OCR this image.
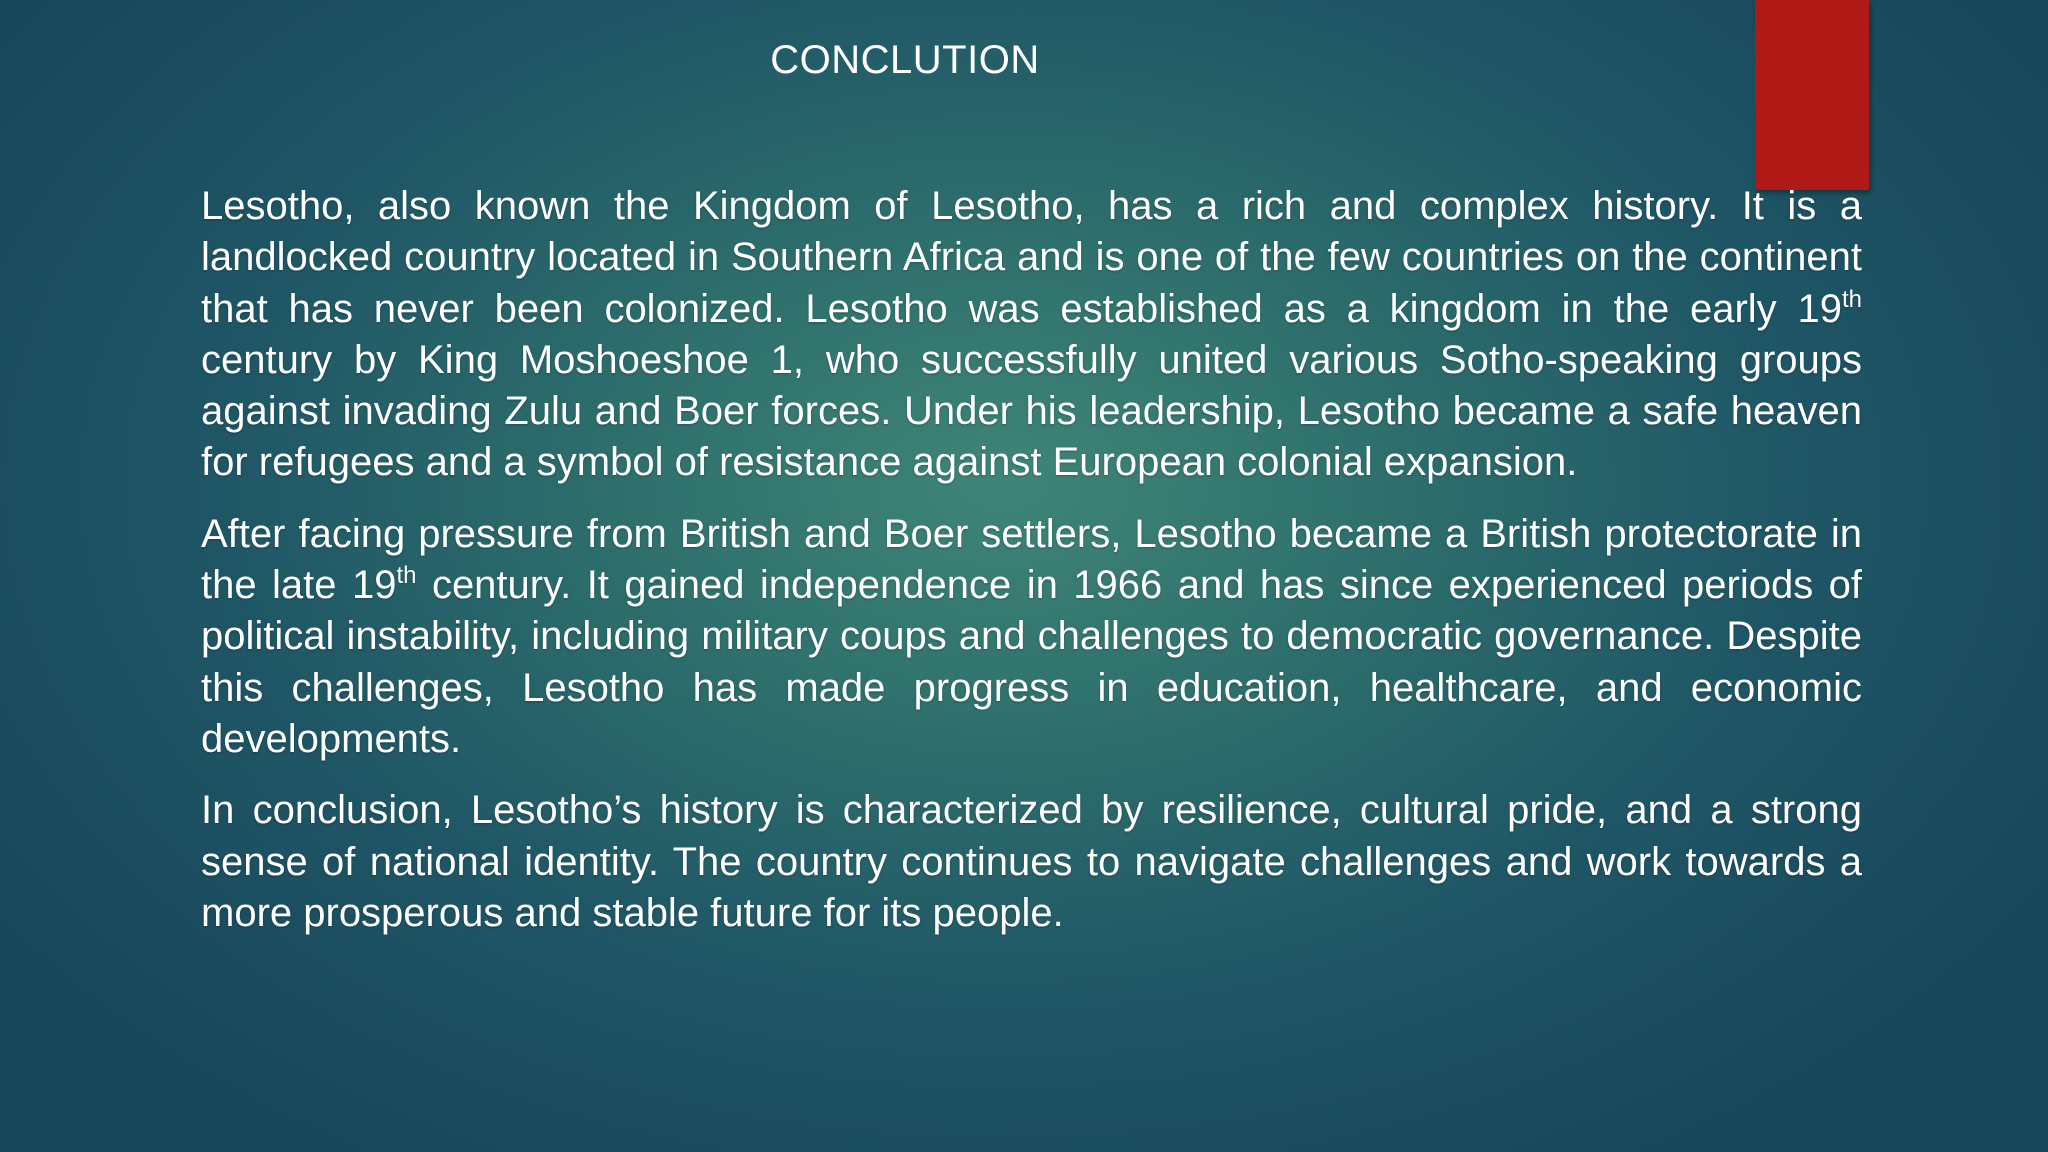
CONCLUTION

Lesotho, also known the Kingdom of Lesotho, has a rich and complex history. It is a landlocked country located in Southern Africa and is one of the few countries on the continent that has never been colonized. Lesotho was established as a kingdom in the early 19th century by King Moshoeshoe 1, who successfully united various Sotho-speaking groups against invading Zulu and Boer forces. Under his leadership, Lesotho became a safe heaven for refugees and a symbol of resistance against European colonial expansion.

After facing pressure from British and Boer settlers, Lesotho became a British protectorate in the late 19th century. It gained independence in 1966 and has since experienced periods of political instability, including military coups and challenges to democratic governance. Despite this challenges, Lesotho has made progress in education, healthcare, and economic developments.

In conclusion, Lesotho’s history is characterized by resilience, cultural pride, and a strong sense of national identity. The country continues to navigate challenges and work towards a more prosperous and stable future for its people.
